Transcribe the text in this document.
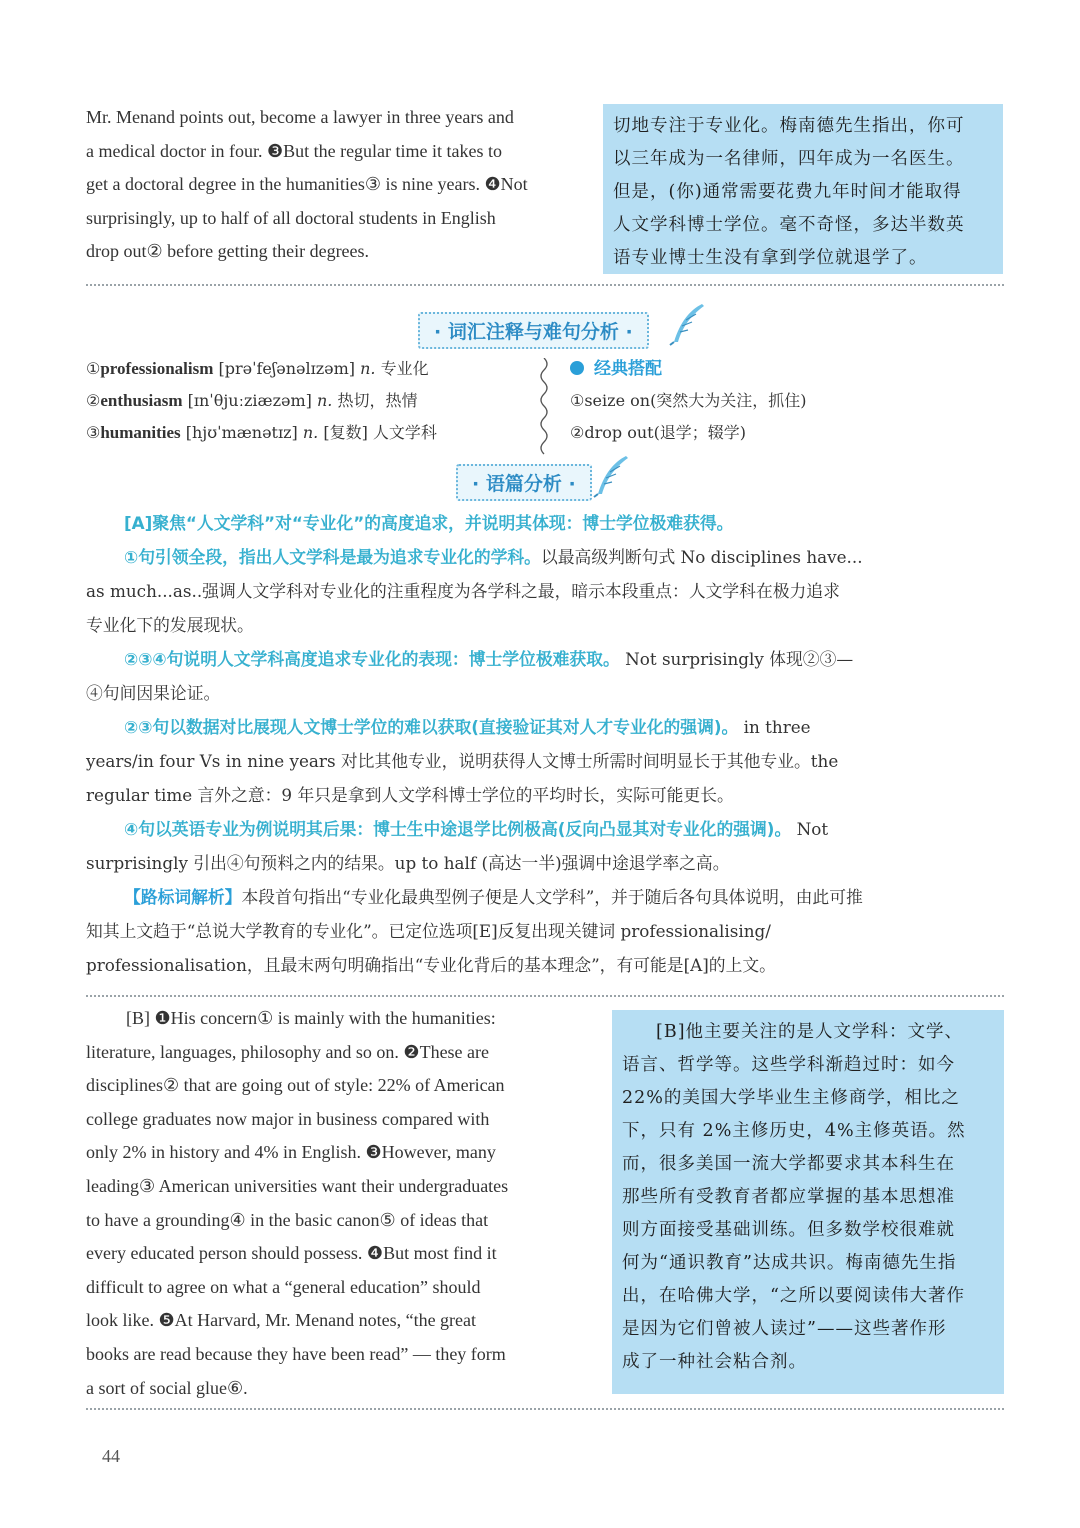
Mr. Menand points out, become a lawyer in three years and
a medical doctor in four. ❸But the regular time it takes to
get a doctoral degree in the humanities③ is nine years. ❹Not
surprisingly, up to half of all doctoral students in English
drop out② before getting their degrees.
切地专注于专业化。梅南德先生指出，你可
以三年成为一名律师，四年成为一名医生。
但是，(你)通常需要花费九年时间才能取得
人文学科博士学位。毫不奇怪，多达半数英
语专业博士生没有拿到学位就退学了。
· 词汇注释与难句分析 ·
①professionalism [prəˈfeʃənəlɪzəm] n. 专业化
②enthusiasm [ɪnˈθjuːziæzəm] n. 热切，热情
③humanities [hjʊˈmænətɪz] n. [复数] 人文学科
经典搭配
①seize on(突然大为关注，抓住)
②drop out(退学；辍学)
· 语篇分析 ·
[A]聚焦“人文学科”对“专业化”的高度追求，并说明其体现：博士学位极难获得。
①句引领全段，指出人文学科是最为追求专业化的学科。以最高级判断句式 No disciplines have...
as much...as..强调人文学科对专业化的注重程度为各学科之最，暗示本段重点：人文学科在极力追求
专业化下的发展现状。
②③④句说明人文学科高度追求专业化的表现：博士学位极难获取。 Not surprisingly 体现②③—
④句间因果论证。
②③句以数据对比展现人文博士学位的难以获取(直接验证其对人才专业化的强调)。 in three
years/in four Vs in nine years 对比其他专业，说明获得人文博士所需时间明显长于其他专业。the
regular time 言外之意：9 年只是拿到人文学科博士学位的平均时长，实际可能更长。
④句以英语专业为例说明其后果：博士生中途退学比例极高(反向凸显其对专业化的强调)。 Not
surprisingly 引出④句预料之内的结果。up to half (高达一半)强调中途退学率之高。
【路标词解析】本段首句指出“专业化最典型例子便是人文学科”，并于随后各句具体说明，由此可推
知其上文趋于“总说大学教育的专业化”。已定位选项[E]反复出现关键词 professionalising/
professionalisation，且最末两句明确指出“专业化背后的基本理念”，有可能是[A]的上文。
[B] ❶His concern① is mainly with the humanities:
literature, languages, philosophy and so on. ❷These are
disciplines② that are going out of style: 22% of American
college graduates now major in business compared with
only 2% in history and 4% in English. ❸However, many
leading③ American universities want their undergraduates
to have a grounding④ in the basic canon⑤ of ideas that
every educated person should possess. ❹But most find it
difficult to agree on what a “general education” should
look like. ❺At Harvard, Mr. Menand notes, “the great
books are read because they have been read” — they form
a sort of social glue⑥.
[B]他主要关注的是人文学科：文学、
语言、哲学等。这些学科渐趋过时：如今
22%的美国大学毕业生主修商学，相比之
下，只有 2%主修历史，4%主修英语。然
而，很多美国一流大学都要求其本科生在
那些所有受教育者都应掌握的基本思想准
则方面接受基础训练。但多数学校很难就
何为“通识教育”达成共识。梅南德先生指
出，在哈佛大学，“之所以要阅读伟大著作
是因为它们曾被人读过”——这些著作形
成了一种社会粘合剂。
44
